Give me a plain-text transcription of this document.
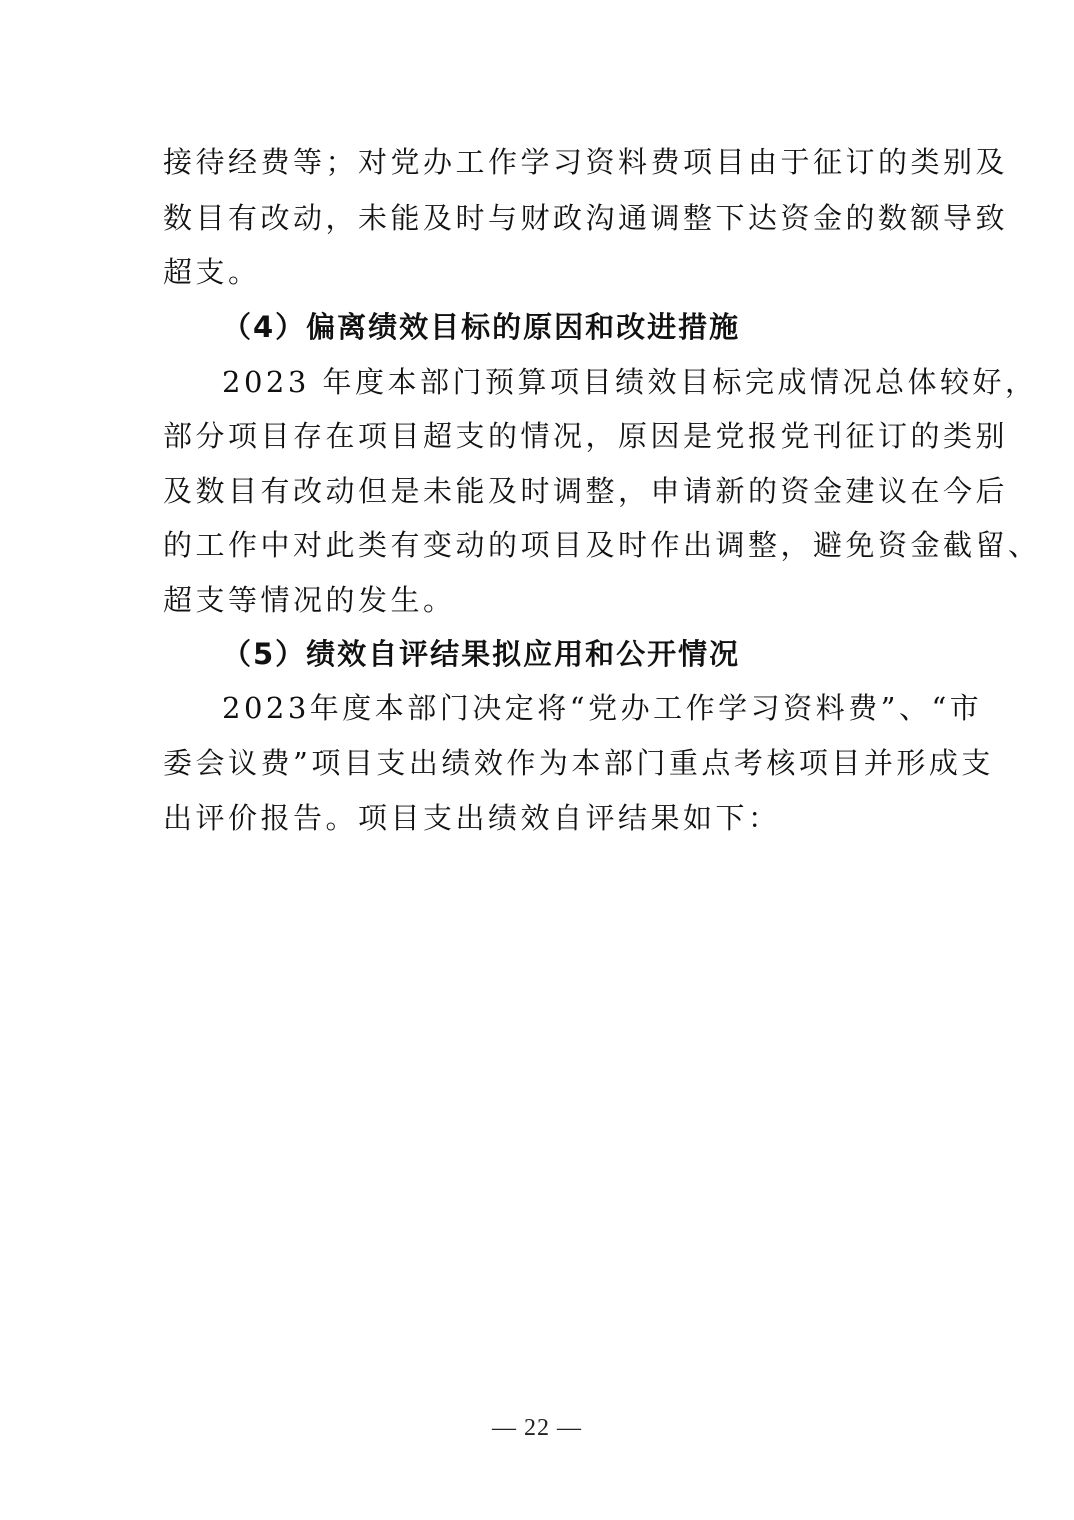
接待经费等；对党办工作学习资料费项目由于征订的类别及
数目有改动，未能及时与财政沟通调整下达资金的数额导致
超支。
（4）偏离绩效目标的原因和改进措施
2023 年度本部门预算项目绩效目标完成情况总体较好，
部分项目存在项目超支的情况，原因是党报党刊征订的类别
及数目有改动但是未能及时调整，申请新的资金建议在今后
的工作中对此类有变动的项目及时作出调整，避免资金截留、
超支等情况的发生。
（5）绩效自评结果拟应用和公开情况
2023年度本部门决定将“党办工作学习资料费”、“市
委会议费”项目支出绩效作为本部门重点考核项目并形成支
出评价报告。项目支出绩效自评结果如下：
— 22 —
